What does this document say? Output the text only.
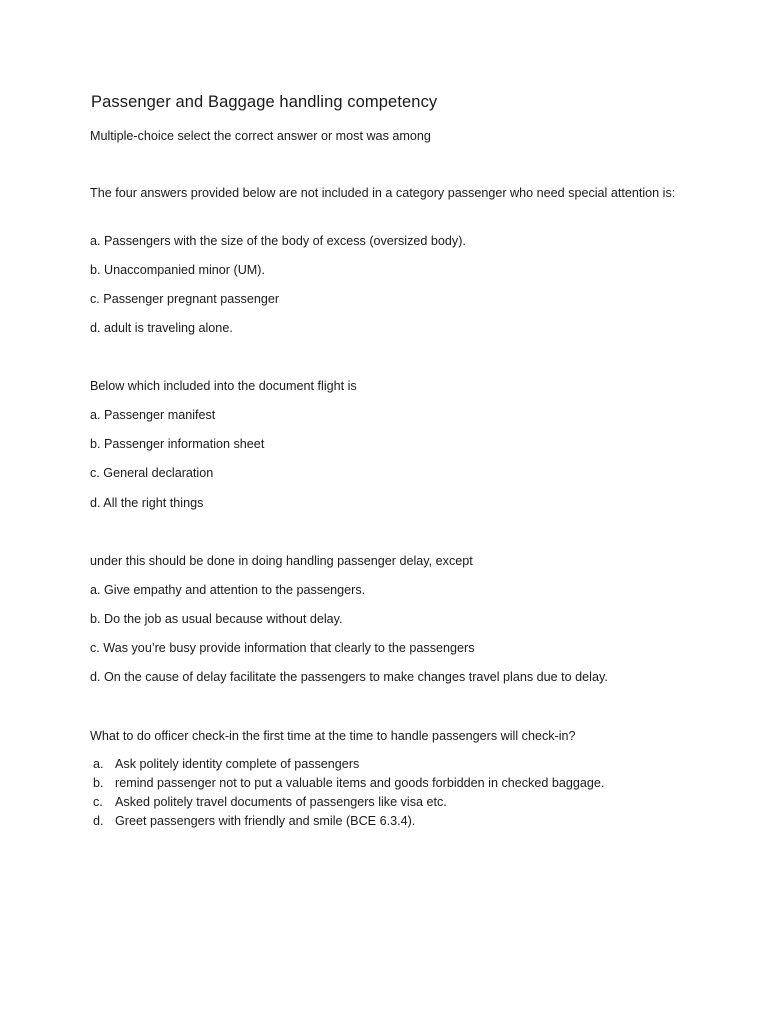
Passenger and Baggage handling competency
Multiple-choice select the correct answer or most was among
The four answers provided below are not included in a category passenger who need special attention is:
a. Passengers with the size of the body of excess (oversized body).
b. Unaccompanied minor (UM).
c. Passenger pregnant passenger
d. adult is traveling alone.
Below which included into the document flight is
a. Passenger manifest
b. Passenger information sheet
c. General declaration
d. All the right things
under this should be done in doing handling passenger delay, except
a. Give empathy and attention to the passengers.
b. Do the job as usual because without delay.
c. Was you’re busy provide information that clearly to the passengers
d. On the cause of delay facilitate the passengers to make changes travel plans due to delay.
What to do officer check-in the first time at the time to handle passengers will check-in?
a. Ask politely identity complete of passengers
b. remind passenger not to put a valuable items and goods forbidden in checked baggage.
c. Asked politely travel documents of passengers like visa etc.
d. Greet passengers with friendly and smile (BCE 6.3.4).
